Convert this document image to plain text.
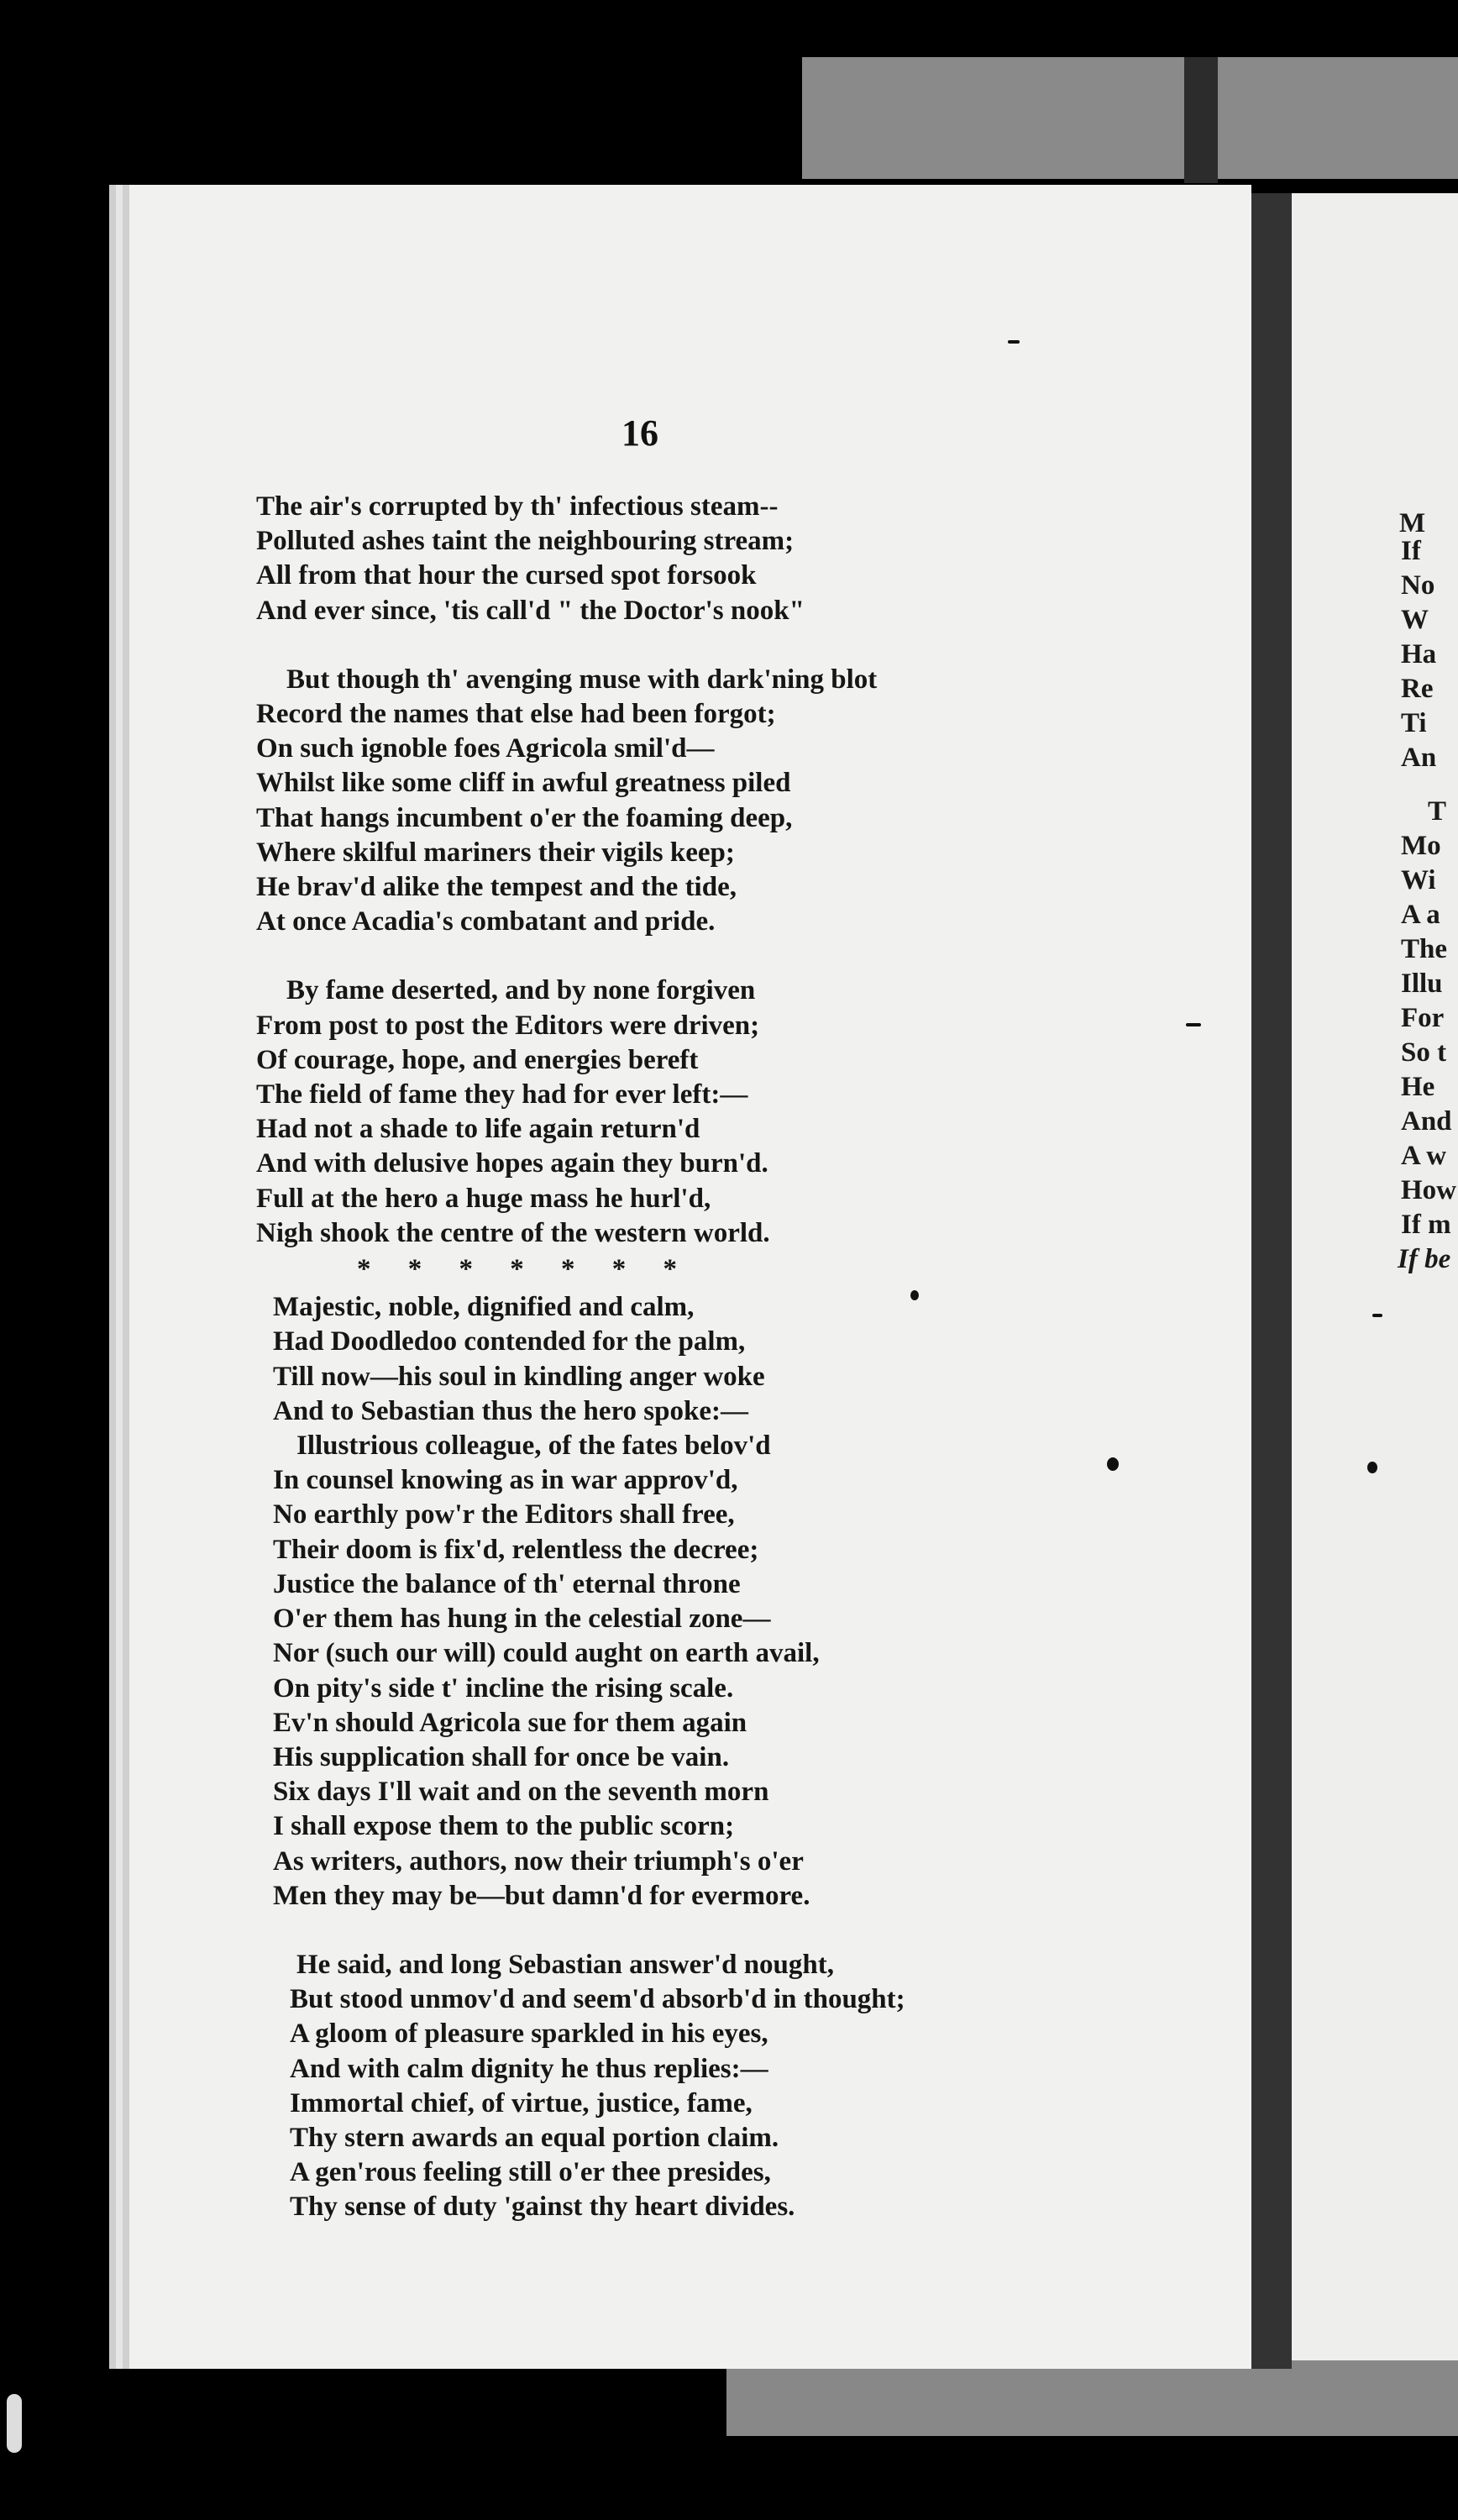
16
The air's corrupted by th' infectious steam--
Polluted ashes taint the neighbouring stream;
All from that hour the cursed spot forsook
And ever since, 'tis call'd " the Doctor's nook"
But though th' avenging muse with dark'ning blot
Record the names that else had been forgot;
On such ignoble foes Agricola smil'd—
Whilst like some cliff in awful greatness piled
That hangs incumbent o'er the foaming deep,
Where skilful mariners their vigils keep;
He brav'd alike the tempest and the tide,
At once Acadia's combatant and pride.
By fame deserted, and by none forgiven
From post to post the Editors were driven;
Of courage, hope, and energies bereft
The field of fame they had for ever left:—
Had not a shade to life again return'd
And with delusive hopes again they burn'd.
Full at the hero a huge mass he hurl'd,
Nigh shook the centre of the western world.
* * * * * * *
Majestic, noble, dignified and calm,
Had Doodledoo contended for the palm,
Till now—his soul in kindling anger woke
And to Sebastian thus the hero spoke:—
Illustrious colleague, of the fates belov'd
In counsel knowing as in war approv'd,
No earthly pow'r the Editors shall free,
Their doom is fix'd, relentless the decree;
Justice the balance of th' eternal throne
O'er them has hung in the celestial zone—
Nor (such our will) could aught on earth avail,
On pity's side t' incline the rising scale.
Ev'n should Agricola sue for them again
His supplication shall for once be vain.
Six days I'll wait and on the seventh morn
I shall expose them to the public scorn;
As writers, authors, now their triumph's o'er
Men they may be—but damn'd for evermore.
He said, and long Sebastian answer'd nought,
But stood unmov'd and seem'd absorb'd in thought;
A gloom of pleasure sparkled in his eyes,
And with calm dignity he thus replies:—
Immortal chief, of virtue, justice, fame,
Thy stern awards an equal portion claim.
A gen'rous feeling still o'er thee presides,
Thy sense of duty 'gainst thy heart divides.
M
If
No
W
Ha
Re
Ti
An
T
Mo
Wi
A a
The
Illu
For
So t
He
And
A w
How
If m
If be
